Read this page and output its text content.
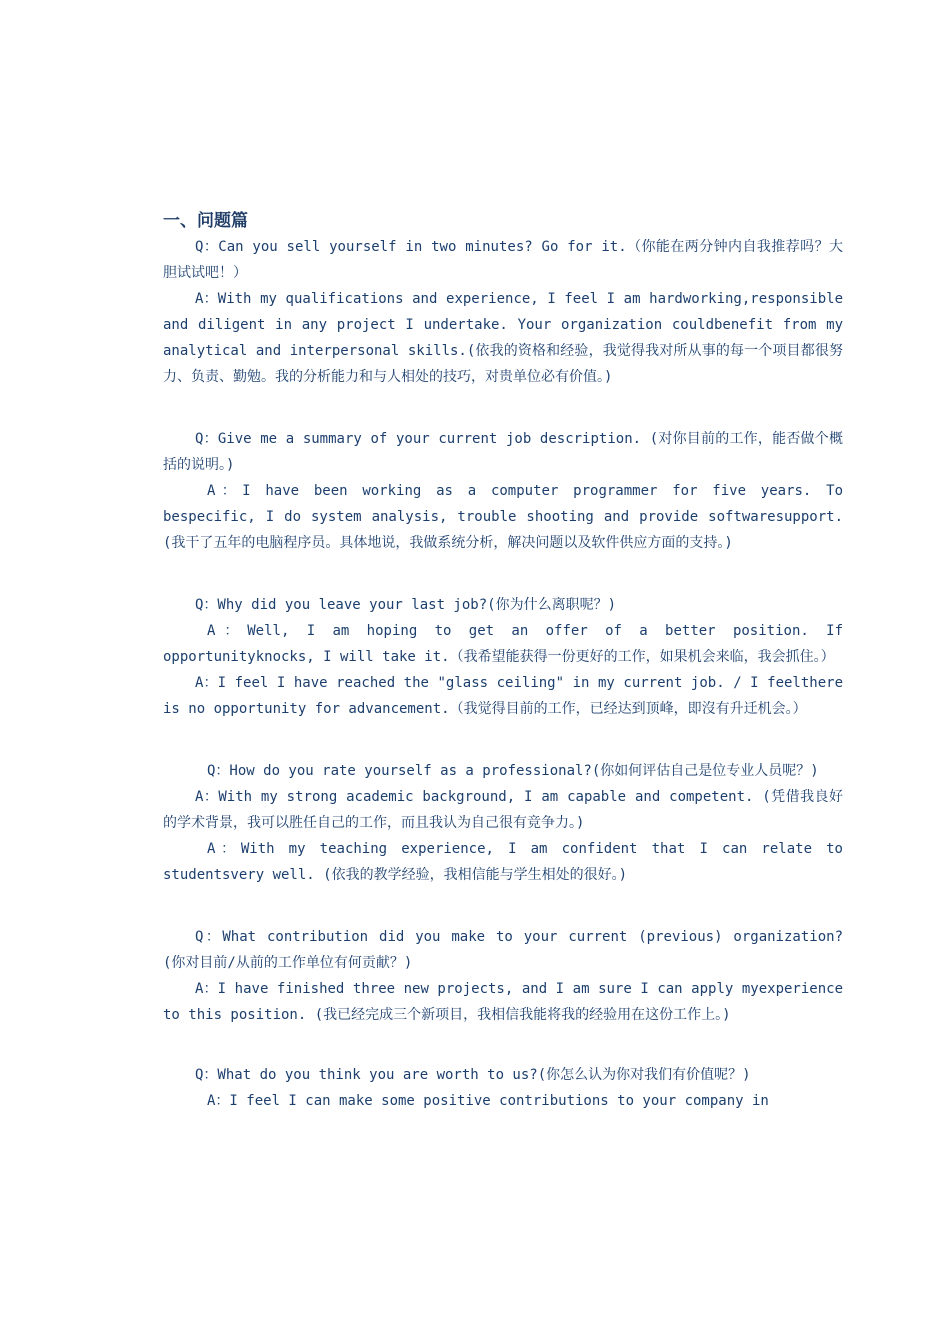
一、问题篇

Q：Can you sell yourself in two minutes? Go for it.（你能在两分钟内自我推荐吗？大胆试试吧！）

A：With my qualifications and experience, I feel I am hardworking,responsible and diligent in any project I undertake. Your organization couldbenefit from my analytical and interpersonal skills.(依我的资格和经验，我觉得我对所从事的每一个项目都很努力、负责、勤勉。我的分析能力和与人相处的技巧，对贵单位必有价值。)

Q：Give me a summary of your current job description. (对你目前的工作，能否做个概括的说明。)

A：I have been working as a computer programmer for five years. To bespecific, I do system analysis, trouble shooting and provide softwaresupport. (我干了五年的电脑程序员。具体地说，我做系统分析，解决问题以及软件供应方面的支持。)

Q：Why did you leave your last job?(你为什么离职呢？)

A：Well, I am hoping to get an offer of a better position. If opportunityknocks, I will take it.（我希望能获得一份更好的工作，如果机会来临，我会抓住。）

A：I feel I have reached the "glass ceiling" in my current job. / I feelthere is no opportunity for advancement.（我觉得目前的工作，已经达到顶峰，即沒有升迁机会。）

Q：How do you rate yourself as a professional?(你如何评估自己是位专业人员呢？)

A：With my strong academic background, I am capable and competent. (凭借我良好的学术背景，我可以胜任自己的工作，而且我认为自己很有竞争力。)

A：With my teaching experience, I am confident that I can relate to studentsvery well. (依我的教学经验，我相信能与学生相处的很好。)

Q：What contribution did you make to your current (previous) organization? (你对目前/从前的工作单位有何贡献？)

A：I have finished three new projects, and I am sure I can apply myexperience to this position. (我已经完成三个新项目，我相信我能将我的经验用在这份工作上。)

Q：What do you think you are worth to us?(你怎么认为你对我们有价值呢？)

A：I feel I can make some positive contributions to your company in
